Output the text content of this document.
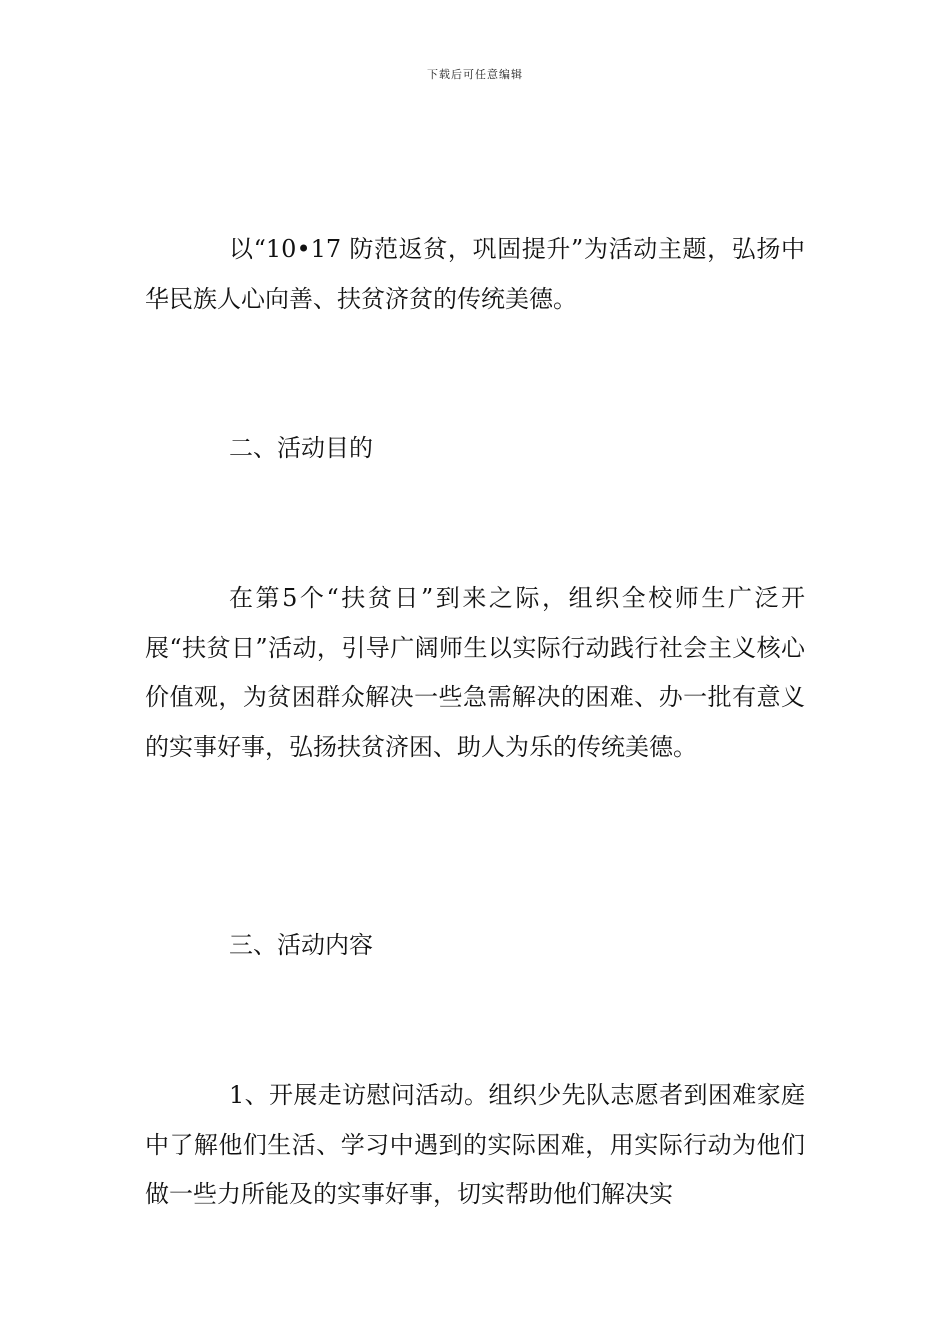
下载后可任意编辑

以“10•17 防范返贫，巩固提升”为活动主题，弘扬中华民族人心向善、扶贫济贫的传统美德。

二、活动目的

在第5个“扶贫日”到来之际，组织全校师生广泛开展“扶贫日”活动，引导广阔师生以实际行动践行社会主义核心价值观，为贫困群众解决一些急需解决的困难、办一批有意义的实事好事，弘扬扶贫济困、助人为乐的传统美德。

三、活动内容

1、开展走访慰问活动。组织少先队志愿者到困难家庭中了解他们生活、学习中遇到的实际困难，用实际行动为他们做一些力所能及的实事好事，切实帮助他们解决实
